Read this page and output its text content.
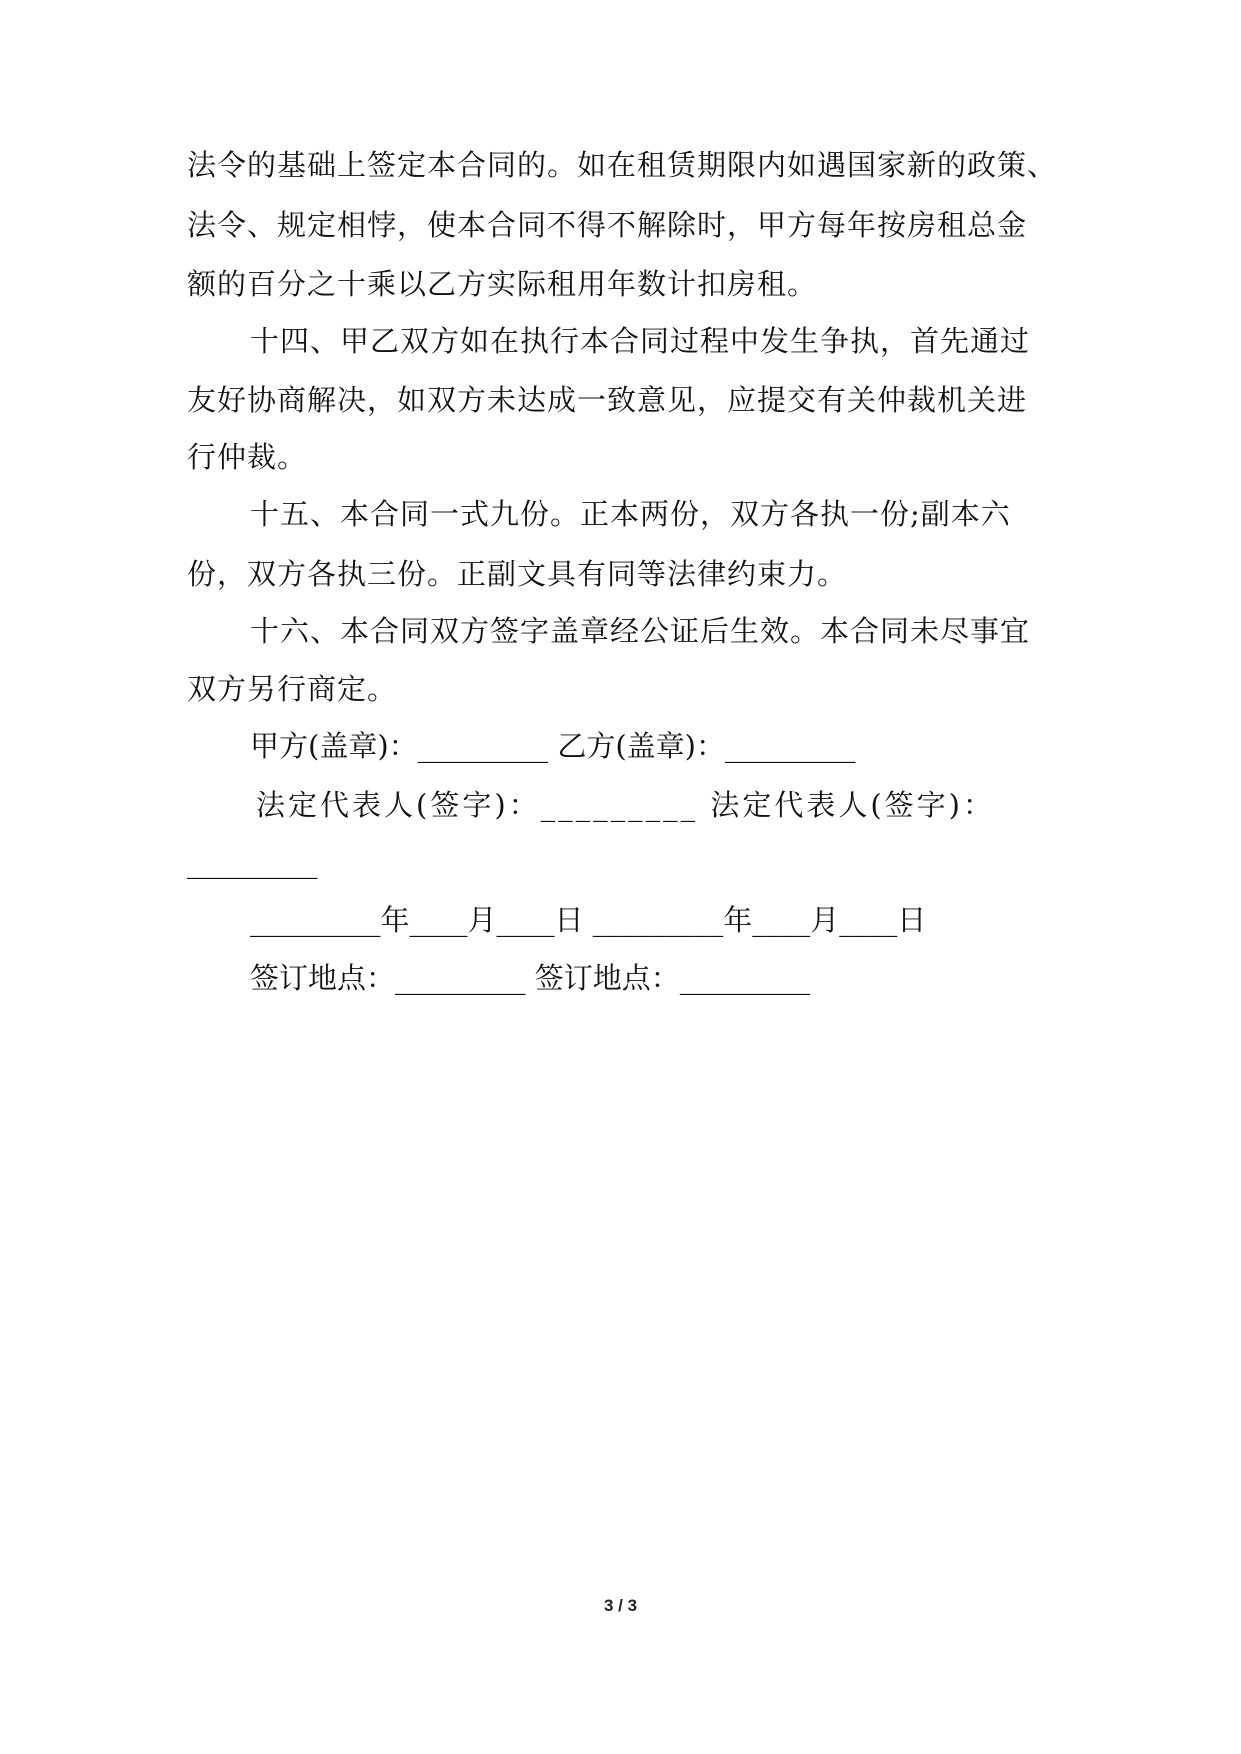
法令的基础上签定本合同的。如在租赁期限内如遇国家新的政策、
法令、规定相悖，使本合同不得不解除时，甲方每年按房租总金
额的百分之十乘以乙方实际租用年数计扣房租。
十四、甲乙双方如在执行本合同过程中发生争执，首先通过
友好协商解决，如双方未达成一致意见，应提交有关仲裁机关进
行仲裁。
十五、本合同一式九份。正本两份，双方各执一份;副本六
份，双方各执三份。正副文具有同等法律约束力。
十六、本合同双方签字盖章经公证后生效。本合同未尽事宜
双方另行商定。
甲方(盖章)：_________ 乙方(盖章)：_________
法定代表人(签字)：_________ 法定代表人(签字)：
_________
_________年____月____日 _________年____月____日
签订地点：_________ 签订地点：_________
3 / 3
